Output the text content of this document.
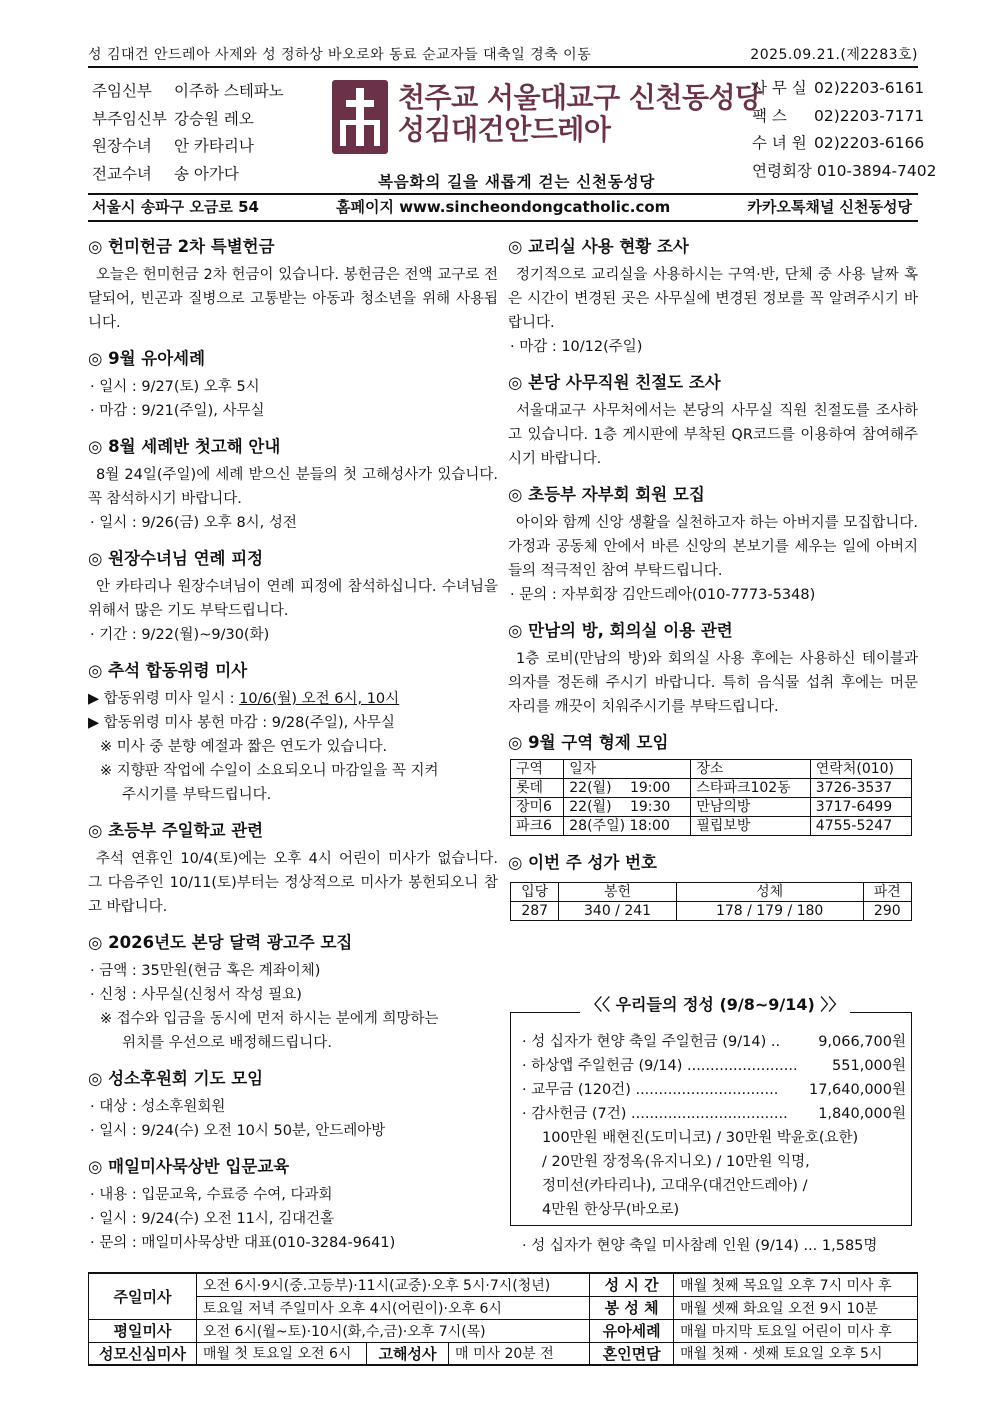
성 김대건 안드레아 사제와 성 정하상 바오로와 동료 순교자들 대축일 경축 이동	2025.09.21.(제2283호)
주임신부 이주하 스테파노
부주임신부 강승원 레오
원장수녀 안 카타리나
전교수녀 송 아가다
천주교 서울대교구 신천동성당
성김대건안드레아
복음화의 길을 새롭게 걷는 신천동성당
사 무 실 02)2203-6161
팩 스 02)2203-7171
수 녀 원 02)2203-6166
연령회장 010-3894-7402
서울시 송파구 오금로 54	홈페이지 www.sincheondongcatholic.com	카카오톡채널 신천동성당
◎ 헌미헌금 2차 특별헌금

오늘은 헌미헌금 2차 헌금이 있습니다. 봉헌금은 전액 교구로 전달되어, 빈곤과 질병으로 고통받는 아동과 청소년을 위해 사용됩니다.

◎ 9월 유아세례
· 일시 : 9/27(토) 오후 5시
· 마감 : 9/21(주일), 사무실
◎ 8월 세례반 첫고해 안내

8월 24일(주일)에 세례 받으신 분들의 첫 고해성사가 있습니다. 꼭 참석하시기 바랍니다.

· 일시 : 9/26(금) 오후 8시, 성전
◎ 원장수녀님 연례 피정

안 카타리나 원장수녀님이 연례 피정에 참석하십니다. 수녀님을 위해서 많은 기도 부탁드립니다.

· 기간 : 9/22(월)~9/30(화)
◎ 추석 합동위령 미사
▶ 합동위령 미사 일시 : 10/6(월) 오전 6시, 10시
▶ 합동위령 미사 봉헌 마감 : 9/28(주일), 사무실
※ 미사 중 분향 예절과 짧은 연도가 있습니다.
※ 지향판 작업에 수일이 소요되오니 마감일을 꼭 지켜
주시기를 부탁드립니다.
◎ 초등부 주일학교 관련

추석 연휴인 10/4(토)에는 오후 4시 어린이 미사가 없습니다. 그 다음주인 10/11(토)부터는 정상적으로 미사가 봉헌되오니 참고 바랍니다.

◎ 2026년도 본당 달력 광고주 모집
· 금액 : 35만원(현금 혹은 계좌이체)
· 신청 : 사무실(신청서 작성 필요)
※ 접수와 입금을 동시에 먼저 하시는 분에게 희망하는
위치를 우선으로 배정해드립니다.
◎ 성소후원회 기도 모임
· 대상 : 성소후원회원
· 일시 : 9/24(수) 오전 10시 50분, 안드레아방
◎ 매일미사묵상반 입문교육
· 내용 : 입문교육, 수료증 수여, 다과회
· 일시 : 9/24(수) 오전 11시, 김대건홀
· 문의 : 매일미사묵상반 대표(010-3284-9641)
◎ 교리실 사용 현황 조사

정기적으로 교리실을 사용하시는 구역·반, 단체 중 사용 날짜 혹은 시간이 변경된 곳은 사무실에 변경된 정보를 꼭 알려주시기 바랍니다.

· 마감 : 10/12(주일)
◎ 본당 사무직원 친절도 조사

서울대교구 사무처에서는 본당의 사무실 직원 친절도를 조사하고 있습니다. 1층 게시판에 부착된 QR코드를 이용하여 참여해주시기 바랍니다.

◎ 초등부 자부회 회원 모집

아이와 함께 신앙 생활을 실천하고자 하는 아버지를 모집합니다. 가정과 공동체 안에서 바른 신앙의 본보기를 세우는 일에 아버지들의 적극적인 참여 부탁드립니다.

· 문의 : 자부회장 김안드레아(010-7773-5348)
◎ 만남의 방, 회의실 이용 관련

1층 로비(만남의 방)와 회의실 사용 후에는 사용하신 테이블과 의자를 정돈해 주시기 바랍니다. 특히 음식물 섭취 후에는 머문 자리를 깨끗이 치워주시기를 부탁드립니다.

◎ 9월 구역 형제 모임
구역	일자	장소	연락처(010)
롯데	22(월)　 19:00	스타파크102동	3726-3537
장미6	22(월)　 19:30	만남의방	3717-6499
파크6	28(주일) 18:00	필립보방	4755-5247
◎ 이번 주 성가 번호
입당	봉헌	성체	파견
287	340 / 241	178 / 179 / 180	290
〈〈 우리들의 정성 (9/8~9/14) 〉〉
· 성 십자가 현양 축일 주일헌금 (9/14) ..	9,066,700원
· 하상앱 주일헌금 (9/14) ........................ 551,000원
· 교무금 (120건) ............................... 17,640,000원
· 감사헌금 (7건) .................................. 1,840,000원
100만원 배현진(도미니코) / 30만원 박윤호(요한)
/ 20만원 장정옥(유지니오) / 10만원 익명,
정미선(카타리나), 고대우(대건안드레아) /
4만원 한상무(바오로)
· 성 십자가 현양 축일 미사참례 인원 (9/14) ... 1,585명
주일미사	오전 6시·9시(중.고등부)·11시(교중)·오후 5시·7시(청년)			성 시 간	매월 첫째 목요일 오후 7시 미사 후
	토요일 저녁 주일미사 오후 4시(어린이)·오후 6시			봉 성 체	매월 셋째 화요일 오전 9시 10분
평일미사	오전 6시(월~토)·10시(화,수,금)·오후 7시(목)			유아세례	매월 마지막 토요일 어린이 미사 후
성모신심미사	매월 첫 토요일 오전 6시	고해성사	매 미사 20분 전	혼인면담	매월 첫째 · 셋째 토요일 오후 5시
